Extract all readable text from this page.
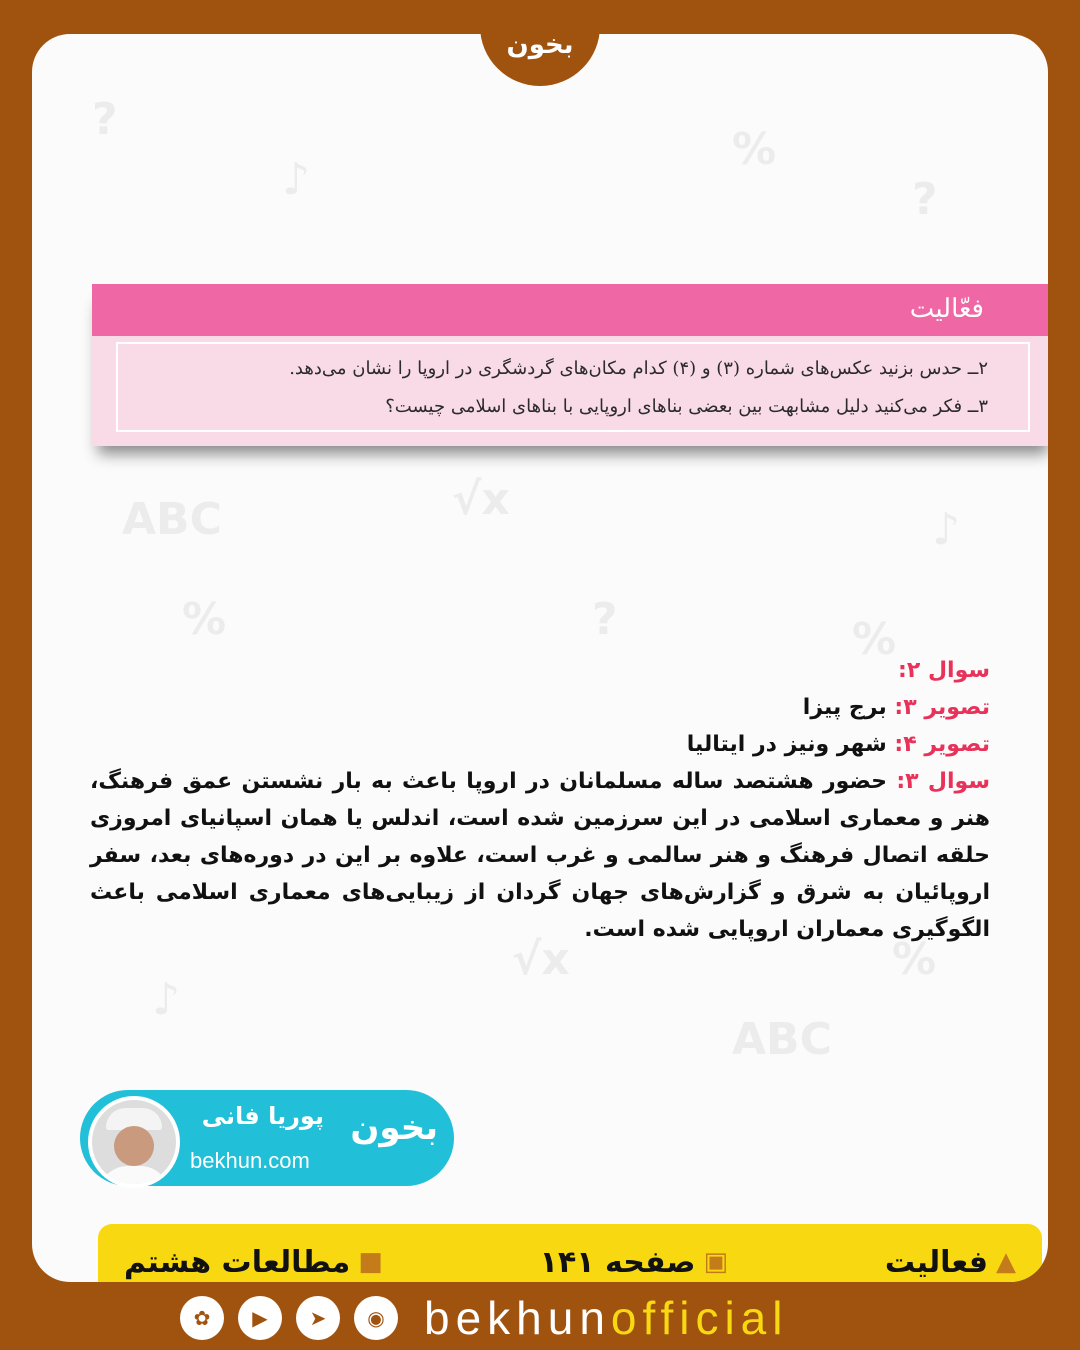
?
♪
%
?
ABC	√x
♪
%	?	%
√x
♪
%
ABC
فعّالیت
۲ــ حدس بزنید عکس‌های شماره (۳) و (۴) کدام مکان‌های گردشگری در اروپا را نشان می‌دهد.
۳ــ فکر می‌کنید دلیل مشابهت بین بعضی بناهای اروپایی با بناهای اسلامی چیست؟
سوال ۲:
تصویر ۳: برج پیزا
تصویر ۴: شهر ونیز در ایتالیا
سوال ۳: حضور هشتصد ساله مسلمانان در اروپا باعث به بار نشستن عمق فرهنگ، هنر و معماری اسلامی در این سرزمین شده است، اندلس یا همان اسپانیای امروزی حلقه اتصال فرهنگ و هنر سالمی و غرب است، علاوه بر این در دوره‌های بعد، سفر اروپائیان به شرق و گزارش‌های جهان گردان از زیبایی‌های معماری اسلامی باعث الگوگیری معماران اروپایی شده است.
پوریا فانی
bekhun.com
بخون
▲
فعالیت
▣
صفحه ۱۴۱
■
مطالعات هشتم
بخون
✿	▶	➤	◉ bekhunofficial
